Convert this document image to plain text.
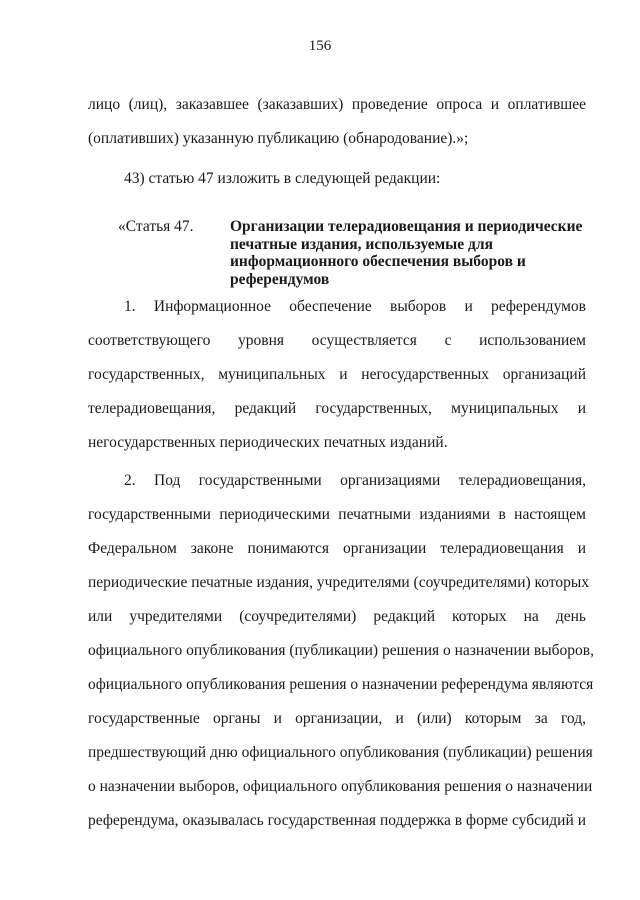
156
лицо (лиц), заказавшее (заказавших) проведение опроса и оплатившее
(оплативших) указанную публикацию (обнародование).»;
43) статью 47 изложить в следующей редакции:
«Статья 47. Организации телерадиовещания и периодические
печатные издания, используемые для
информационного обеспечения выборов и
референдумов
1. Информационное обеспечение выборов и референдумов
соответствующего уровня осуществляется с использованием
государственных, муниципальных и негосударственных организаций
телерадиовещания, редакций государственных, муниципальных и
негосударственных периодических печатных изданий.
2. Под государственными организациями телерадиовещания,
государственными периодическими печатными изданиями в настоящем
Федеральном законе понимаются организации телерадиовещания и
периодические печатные издания, учредителями (соучредителями) которых
или учредителями (соучредителями) редакций которых на день
официального опубликования (публикации) решения о назначении выборов,
официального опубликования решения о назначении референдума являются
государственные органы и организации, и (или) которым за год,
предшествующий дню официального опубликования (публикации) решения
о назначении выборов, официального опубликования решения о назначении
референдума, оказывалась государственная поддержка в форме субсидий и
